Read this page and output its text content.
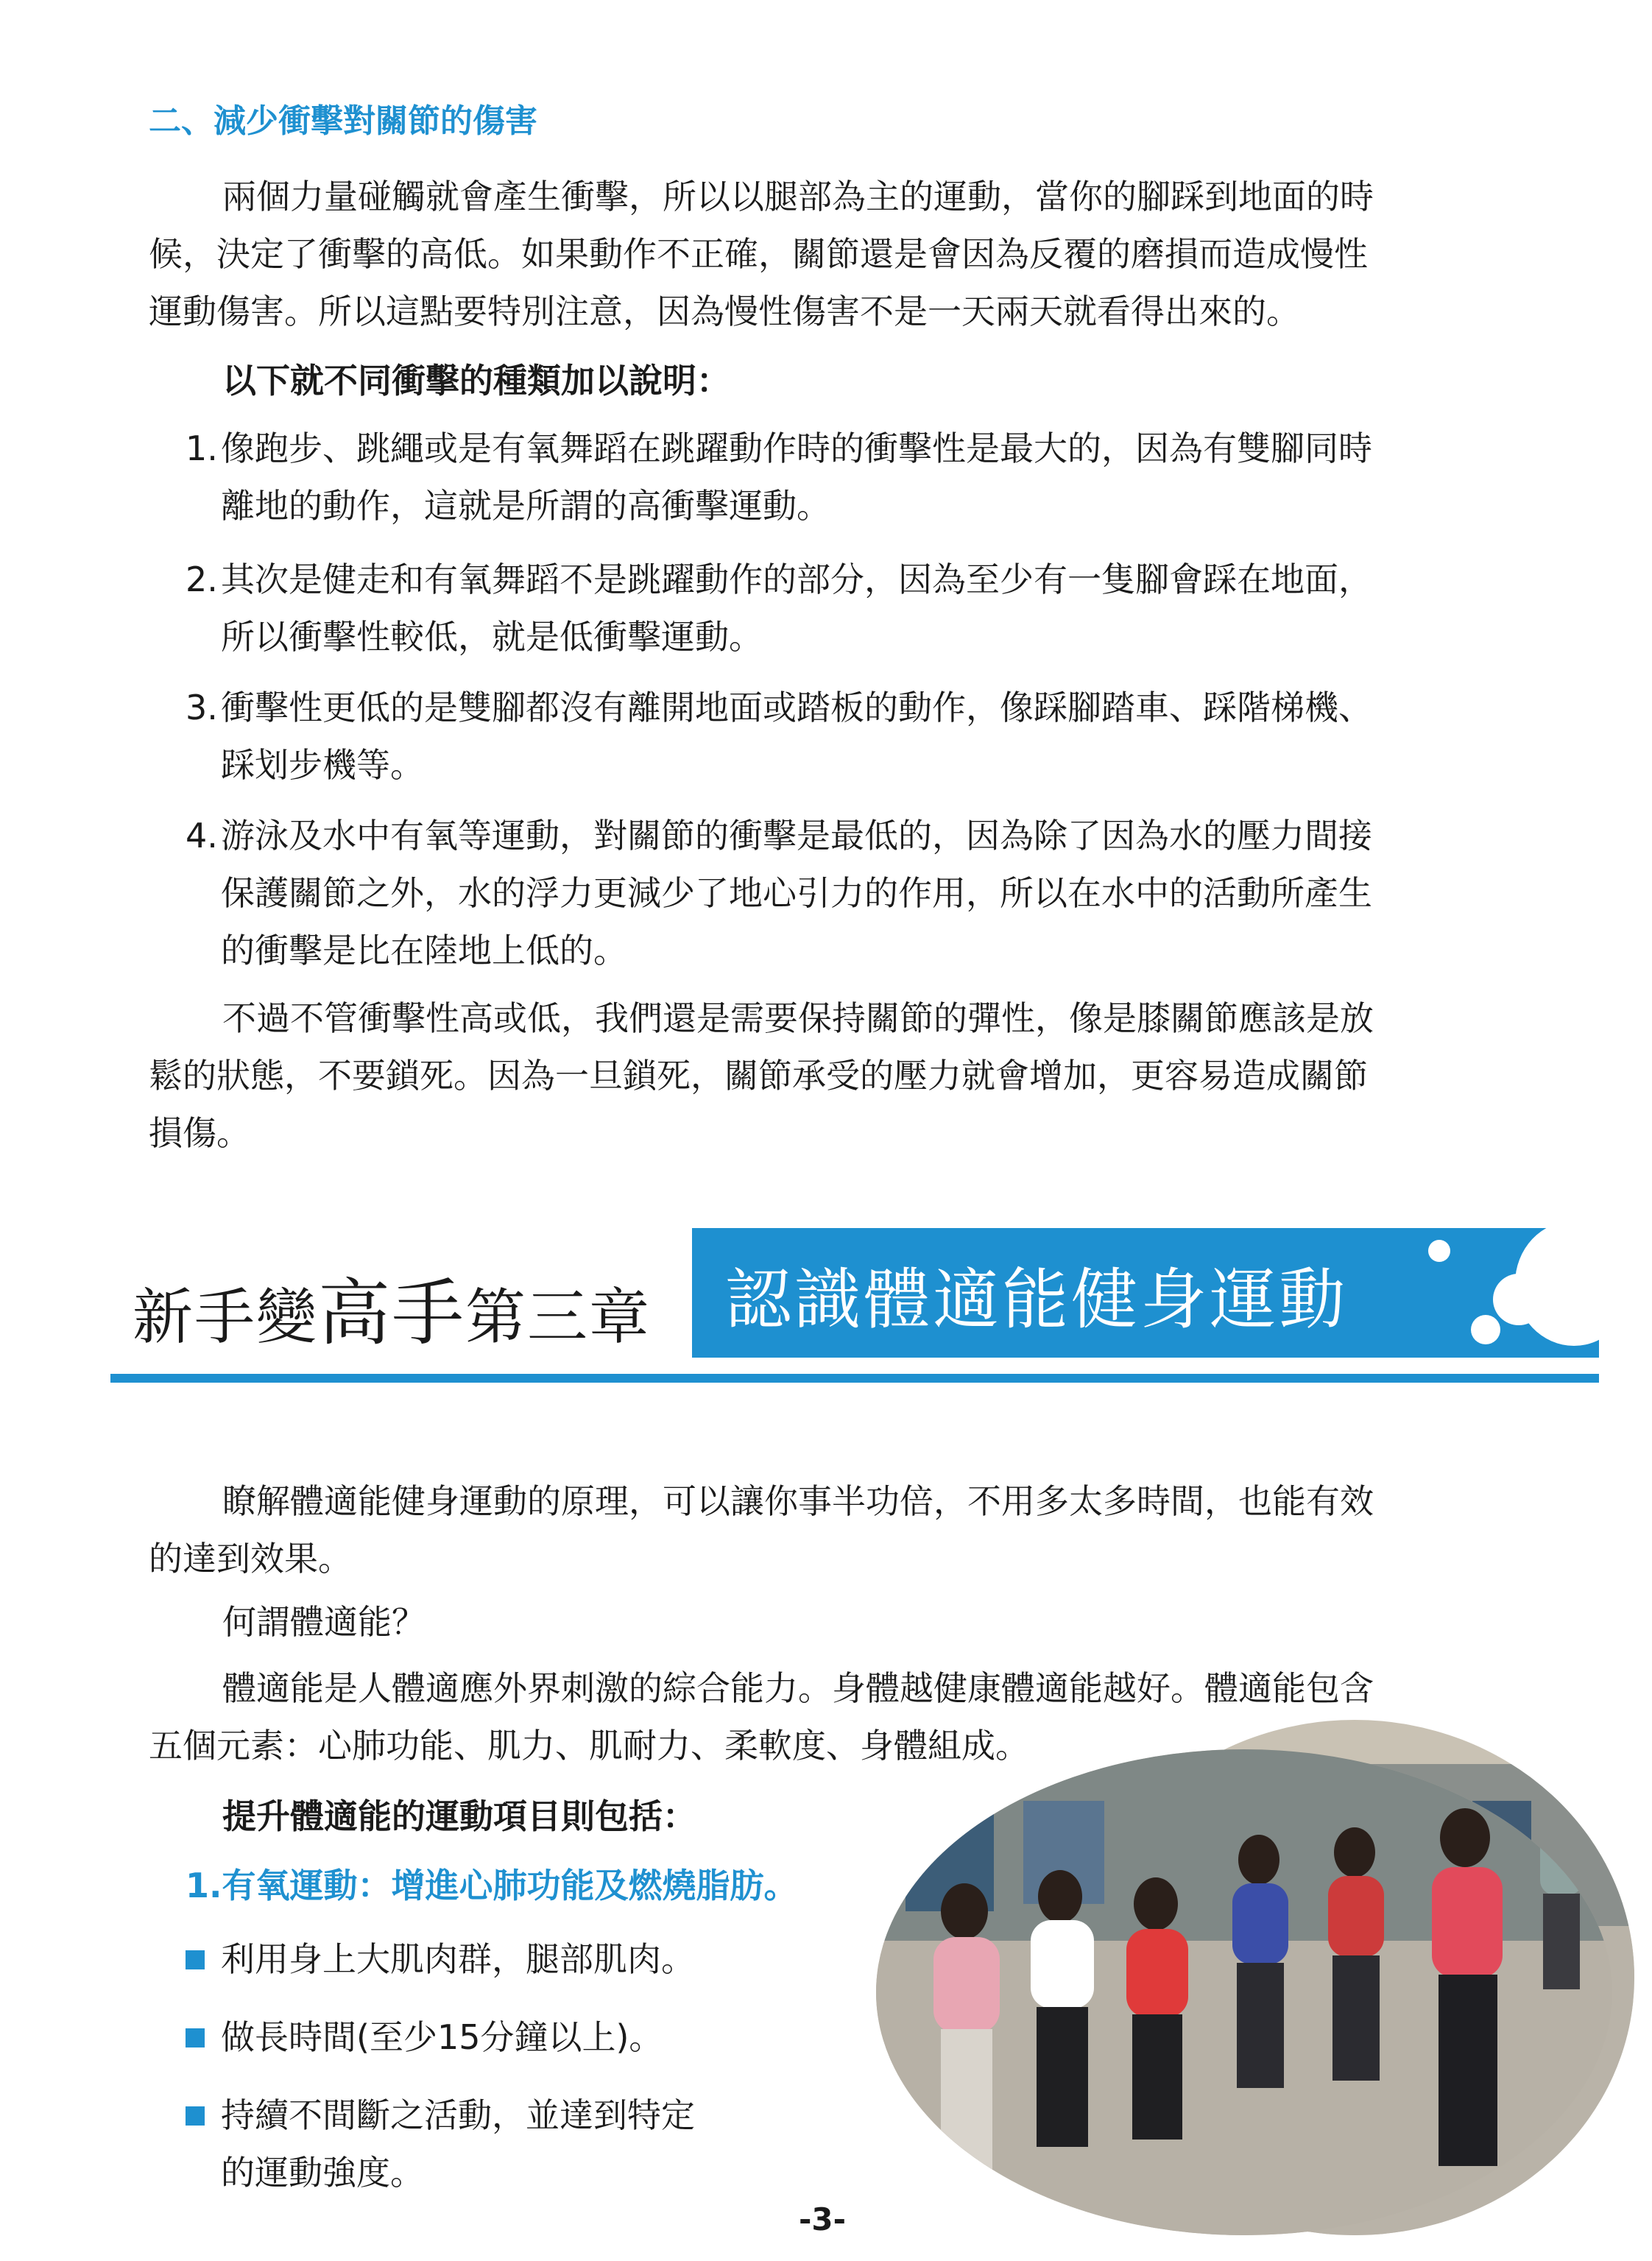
二、減少衝擊對關節的傷害
兩個力量碰觸就會產生衝擊，所以以腿部為主的運動，當你的腳踩到地面的時
候，決定了衝擊的高低。如果動作不正確，關節還是會因為反覆的磨損而造成慢性
運動傷害。所以這點要特別注意，因為慢性傷害不是一天兩天就看得出來的。
以下就不同衝擊的種類加以說明：
1. 像跑步、跳繩或是有氧舞蹈在跳躍動作時的衝擊性是最大的，因為有雙腳同時
離地的動作，這就是所謂的高衝擊運動。
2. 其次是健走和有氧舞蹈不是跳躍動作的部分，因為至少有一隻腳會踩在地面，
所以衝擊性較低，就是低衝擊運動。
3. 衝擊性更低的是雙腳都沒有離開地面或踏板的動作，像踩腳踏車、踩階梯機、
踩划步機等。
4. 游泳及水中有氧等運動，對關節的衝擊是最低的，因為除了因為水的壓力間接
保護關節之外，水的浮力更減少了地心引力的作用，所以在水中的活動所產生
的衝擊是比在陸地上低的。
不過不管衝擊性高或低，我們還是需要保持關節的彈性，像是膝關節應該是放
鬆的狀態，不要鎖死。因為一旦鎖死，關節承受的壓力就會增加，更容易造成關節
損傷。
新手變高手第三章 認識體適能健身運動
瞭解體適能健身運動的原理，可以讓你事半功倍，不用多太多時間，也能有效
的達到效果。
何謂體適能？
體適能是人體適應外界刺激的綜合能力。身體越健康體適能越好。體適能包含
五個元素：心肺功能、肌力、肌耐力、柔軟度、身體組成。
提升體適能的運動項目則包括：
1.有氧運動：增進心肺功能及燃燒脂肪。
利用身上大肌肉群，腿部肌肉。
做長時間(至少15分鐘以上)。
持續不間斷之活動，並達到特定
的運動強度。
-3-
